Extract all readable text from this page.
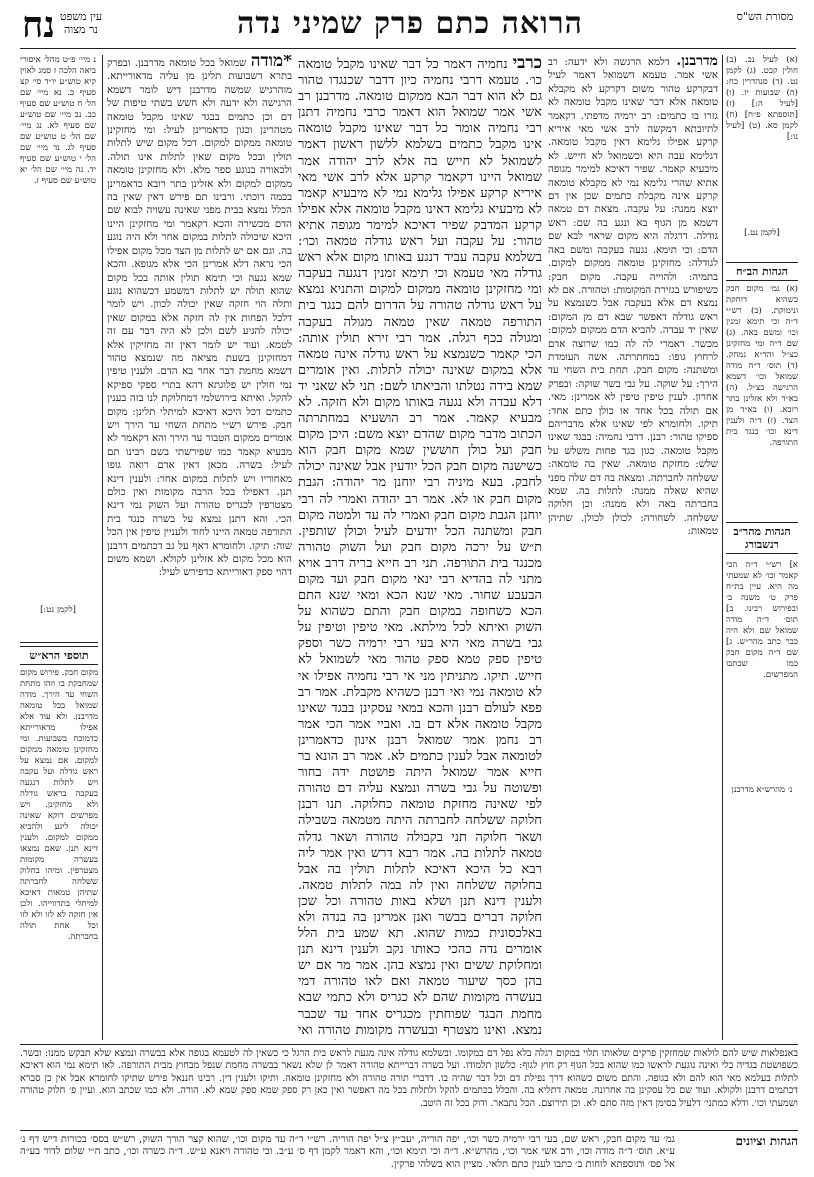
נח עין משפט נר מצוה	הרואה כתם פרק שמיני נדה	מסורת הש"ס
נ מיי׳ פ״ט מהל׳ איסורי ביאה הלכה ז סמג לאוין קיא טוש״ע יו״ד סי׳ קצ סעיף כ. נא מיי׳ שם הל׳ ח טוש״ע שם סעיף כב. נב מיי׳ שם טוש״ע שם סעיף לא. נג מיי׳ שם הל׳ ט טוש״ע שם סעיף לג. נד מיי׳ שם הל׳ י טוש״ע שם סעיף יד. נה מיי׳ שם הל׳ יא טוש״ע שם סעיף ז.
[לקמן נט:]
תוספי הרא״ש
מקום חבק. פירוש מקום שמחבקת בו וזהו מתחת השחי עד הירך. מודה שמואל בכל טומאה מדרבנן. ולא עוד אלא אפילו מדאורייתא כדמוכח בשבועות. ומי מחזקינן טומאה ממקום למקום. אם נמצא על ראש גודלה ועל עקבה ויש לתלות דנגעה בעקבה בראש גודלה ולא מחזקינן. ויש מפרשים דוקא שאינה יכולה ליגע ולהביא ממקום למקום. ולענין דינא תנן. שאם נמצאו בעשרה מקומות מצטרפין. ומיהו בחלוק ששלחה לחברתה שתיהן טמאות דאיכא למיתלי בתרווייהו. ולכן אין חזקה לא לזו ולא לזו וכל אחת תולה בחברתה.
*מודה שמואל בכל טומאה מדרבנן. ובפרק בתרא דשבועות תלינן מן עליה מדאורייתא. מוהרגיש שמשה מדרבנן דיש לומר דשמא הרגישה ולא ידעה ולא חשש בשתי טיפות של דם וכן כתמים בבגד שאינו מקבל טומאה מטהרינן וכגון כדאמרינן לעיל: ומי מחזקינן טומאה ממקום למקום. דכל מקום שיש לתלות תולין ובכל מקום שאין לתלות אינו תולה. ולכאורה בנוגע ספר מלא. ולא מחזקינן טומאה ממקום למקום ולא אזלינן בתר רובא כדאמרינן בכמה דוכתי. ורבינו תם פירש דאין שאין בה הכלל נמצא בבית מפני שאינה עשויה לבוא שם הדם מכשירה והכא דקאמר ומי מחזקינן היינו היכא שיכולה לתלות במקום אחר ולא היה נוגע בה. וגם אם יש לתלות מן הצד מכל מקום אפילו הכי נראה דלא אמרינן הכי אלא מגופא. והכא שמא נגעה וכי תימא תולין אותה בכל מקום שהוא תולה יש לתלות דמשמע דכשהוא נוגע ותלה הוי חזקה שאין יכולה לכוון. ויש לומר דלכל הפחות אין לה חזקה אלא במקום שאין יכולה להגיע לשם ולכן לא היה דבר עם זה לטמא. ועוד יש לומר דאין זה מחזיקין אלא דמחזקינן בשעת מציאה מה שנמצא טהור דשמא מחמת דבר אחר בא הדם. ולענין טיפין נמי חולין יש פלוגתא דהא בתרי ספקי ספיקא להקל. ואיתא בירושלמי דמחלוקת לנו בזה בענין כתמים דכל היכא דאיכא למיתלי תלינן: מקום חבק. פירש רש״י מתחת השחי עד הירך ויש אומרים ממקום הטבור עד הירך והא דקאמר לא מבעיא קאמר כמו שפירשתי בשם רבינו תם לעיל: בשרה. מכאן דאין אדם רואה גופו מאחוריו ויש לתלות במקום אחר: ולענין דינא תנן. דאפילו בכל הרבה מקומות ואין כולם מצטרפין לכגריס טהורה ועל השוק נמי דינא הכי. והא דתנן נמצא על בשרה כנגד בית התורפה טמאה היינו לחוד ולעניין טיפין אין הכל שוה: תיקו. ולחומרא דאף על גב דכתמים דרבנן הוא מכל מקום לא אזלינן לקולא. ושמא משום דהוי ספק דאורייתא כדפירש לעיל:
כרבי נחמיה דאמר כל דבר שאינו מקבל טומאה כו׳. טעמא דרבי נחמיה כיון דדבר שכנגדו טהור גם לא הוא דבר הבא ממקום טומאה. מדרבנן רב אשי אמר שמואל הוא דאמר כרבי נחמיה דתנן רבי נחמיה אומר כל דבר שאינו מקבל טומאה אינו מקבל כתמים בשלמא ללשון ראשון דאמר לשמואל לא חייש בה אלא לרב יהודה אמר שמואל היינו דקאמר קרקע אלא לרב אשי מאי איריא קרקע אפילו גלימא נמי לא מיבעיא קאמר לא מיבעיא גלימא דאינו מקבל טומאה אלא אפילו קרקע המדבק שפיר דאיכא למימר מגופה אתיא טהור: על עקבה ועל ראש גודלה טמאה וכו׳: בשלמא עקבה עביד דנגע באותו מקום אלא ראש גודלה מאי טעמא וכי תימא זמנין דנגעה בעקבה ומי מחזקינן טומאה ממקום למקום והתניא נמצא על ראש גודלה טהורה על הדרום להם כנגד בית התורפה טמאה שאין טמאה מגולה בעקבה ומגולה בכף רגלה. אמר רבי זירא תולין אותה: הכי קאמר כשנמצא על ראש גודלה אינה טמאה אלא במקום שאינה יכולה לתלות. ואין אומרים שמא בידה נטלתו והביאתו לשם: תני לא שאני יד דלא עבדה ולא נגעה באותו מקום ולא חזקה. לא מבעיא קאמר. אמר רב הושעיא במחתרתה הכתוב מדבר מקום שהדם יוצא משם: היכן מקום חבק ועל כולן חוששין שמא מקום חבק הוא כשישנה מקום חבק הכל יודעין אבל שאינה יכולה לחבק. בעא מיניה רבי יוחנן מר יהודה: הגבת מקום חבק או לא. אמר רב יהודה ואמרי לה רבי יוחנן הגבת מקום חבק ואמרי לה עד ולמטה מקום חבק ומשתנה הכל יודעים לעיל וכולן שותפין. ת״ש על ירכה מקום חבק ועל השוק טהורה מכנגד בית התורפה. תני רב חייא בריה דרב אויא מתני לה בהדיא רבי ינאי מקום חבק ועד מקום הבעבע שחור. מאי שנא הכא ומאי שנא התם הכא כשחופה במקום חבק והתם כשהוא על השוק ואיתא לכל מילתא. מאי טיפין וטיפין על גבי בשרה מאי היא בעי רבי ירמיה כשר וספק טיפין ספק טמא ספק טהור מאי לשמואל לא חייש. תיקו. מתניתין מני אי רבי נחמיה אפילו אי לא טומאה נמי ואי רבנן כשהיא מקבלת. אמר רב פפא לעולם רבנן והכא במאי עסקינן בבגד שאינו מקבל טומאה אלא דם בו. ואביי אמר הכי אמר רב נחמן אמר שמואל רבנן אינון כדאמרינן לטומאה אבל לענין כתמים לא. אמר רב הונא בר חייא אמר שמואל היתה פושטת ידה בחור ופשוטה על גבי בשרה ונמצא עליה דם טהורה לפי שאינה מחזקת טומאה כחלוקה. תנו רבנן חלוקה ששלחה לחברתה היתה מטמאה בשבילה ושאר חלוקה תני בקבולה טהורה ושאר גדלה טמאה לתלות בה. אמר רבא דרש ואין אמר ליה רבא כל היכא דאיכא לתלות תולין בה אבל בחלוקה ששלחה ואין לה במה לתלות טמאה. ולענין דינא תנן ושלא באות טהורה וכל שכן חלוקה דברים בבשר ואנן אמרינן בה בנדה ולא באלכסונית כמות שהוא. תא שמע בית הלל אומרים נדה כהכי כאותו נקב ולענין דינא תנן ומחלוקת ששים ואין נמצא בהן. אמר מר אם יש בהן כסך שיעור טמאה ואם לאו טהורה דמי בעשרה מקומות שהם לא כגריס ולא כתמי שבא מחמת הבגד שפוחתין מכגריס אחד עד שכבר נמצא. ואינו מצטרף ובעשרה מקומות טהורה ואי
מדרבנן. דלמא הרגשה ולא ידעה: רב אשי אמר. טעמא דשמואל דאמר לעיל דבקרקע טהור משום דקרקע לא מקבלא טומאה אלא דבר שאינו מקבל טומאה לא גזרו בו כתמים: רב ירמיה מדפתי. דקאמר לתיובתא דמקשה לרב אשי מאי איריא קרקע אפילו גלימא דאין מקבל טומאה. דגלימא עבה היא וכשמואל לא חייש. לא מיבעיא קאמר. שפיר דאיכא למימר מגופה אתיא שהרי גלימא נמי לא מקבלא טומאה קרקע אינה מקבלת כתמים שכן אין דם יוצא ממנה: על עקבה. מצאת דם טמאה דשמא מן הגוף בא ונגע בה שם: ראש גודלה. דרגלה היא מקום שראוי לבא שם הדם: וכי תימא. נגעה בעקבה ומשם באה לגודלה: מחזקינן טומאה ממקום למקום. בתמיה: ולהוייה עקבה. מקום חבק: כשיפורש בגזירת המקומות: וטהורה. אם לא נמצא דם אלא בעקבה אבל כשנמצא על ראש גודלה דאפשר שבא דם מן המקום: שאין יד עבדה. להביא הדם ממקום למקום: מכשר. דאמרי לה לה כמו שרוצה אדם לרחוץ גופו: במחתרתה. אשה העומדת ומשתנה: מקום חבק. תחת בית השחי עד הירך: על שוקה. על גבי בשר שוקה: ובפרק אחרון. לענין טיפין טיפין לא אמרינן: מאי. אם תולה בכל אחד או כולן כתם אחד: תיקו. ולחומרא לפי שאינו אלא מדבריהם ספיקו טהור: רבנן. דרבי נחמיה: בבגד שאינו מקבל טומאה. כגון בגד פחות משלש על שלש: מחזקת טומאה. שאין בה טומאה: ששלחה לחברתה. ומצאה בה דם שלה מפני שהיא שאלה ממנה: לתלות בה. שמא בחברתה באה ולא ממנה: וכן חלוקה ששלחה. לשחורה: לכולן לכולן. שתיהן טמאות:
(א) לעיל נב. (ב) חולין קכט. (ג) לקמן נט. (ד) סנהדרין כח: (ה) שבועות יז. (ו) [לעיל ה:] (ז) [תוספתא פ״ח] (ח) לקמן סא. (ט) [לעיל נו:]
[לקמן נט.]
הגהות הב״ח
(א) גמ׳ מקום חבק כשהיא דוחקת ונימוקת. (ב) רש״י ד״ה וכי תימא זמנין וכו׳ ומשם באה. (ג) שם ד״ה ומי מחזקינן כצ״ל והד״א נמחק. (ד) תוס׳ ד״ה מודה שמואל וכו׳ דשמא הרגישה כצ״ל. (ה) בא״ד ולא אזלינן בתר רובא. (ו) בא״ד מן הצד. (ז) ד״ה ולענין דינא וכו׳ כנגד בית התורפה.
הגהות מהר״ב רנשבורג
א] רש״י ד״ה הכי קאמר וכו׳ לא שמעתי מה היא. עיין בת״ח פרק ט׳ משנה ב׳ ובפירוש רבינו. ב] תוס׳ ד״ה מודה שמואל שם ולא היה כבר כתב מהר״ש. ג] שם ד״ה מקום חבק כמו שכתבו המפרשים.
נ׳ מהרש״א מדרבנן
באנפלאות שיש להם לולאות שמחזקין פרקים שלאותו תלוי במקום רגלה בלא נפל דם במקומו. ובשלמא גודלה אינה מגעת לראש בית הרגל כי כשאין לה לטעמא בגופה אלא בבשרה ונמצא שלא תבקש ממנו: ובשר. כשפושטת בגדיה בלי ואינה נוגעת לראשו כמו שהוא בכל הגוף רק חוץ לגוף: כלשון תלמודו. ועל בשרה דברייתא טהורה דאמר לן שלא נשאר בבשרה מחמת שנפל מבחוץ מבית התורפה. לאו תימא נמי הוא דאיכא לתלות בעלמא מאי הוא להם ולא בגופה. והתם משום כשהוא דרך נפילת דם וכל דבר שהיה בו. דדברי תורה טהורה ולא מחזקינן טומאה. ותיקו ולענין דין. רבינו חננאל פירש שתיקו לחומרא אבל אין כן סברא דכתמים דרבנן ולקולא. ועוד שם כל עסקינן בה אחרונה. טמאה דתליא בה. והכלל בכתמים להקל ולתלות בכל מה דאפשר ואין כאן רק ספק שמא ספק שמא לא. הורה. ולא כמו שכתב הוא. ועיין פ׳ חלוק טהורה ושמעתי וכו׳. ודלא כמתני׳ דלעיל בסימן דאין מזה סתם לא. וכן תירוצם. הכל נתבאר. ודוק בכל זה היטב.
הגהות וציונים
גמ׳ עד מקום חבק, ראש שם, בעי רבי ירמיה כשר וכו׳, יפה הוריה, יעב״ץ צ״ל יפה הוריה. רש״י ד״ה עד מקום וכו׳, שהוא קצר הורך השוק, רש״ש בסס׳ בכורות דיש דף נ׳ ע״א. תוס׳ ד״ה מודה וכו׳, ורב אשי אמר וכו׳, מהרש״א. ד״ה וכי תימא וכו׳, והא דאמר לקמן דף ס׳ ע״ב. ובי טהורה ויאנא ע״ש. ד״ה כשרה וכו׳, כתב ח״י שלום לדור בע״ה אל פס׳ ותוספתא לוחות ב׳ כתבו לענין כתם תלאי. מציין הוא בשלהי פרקין.
